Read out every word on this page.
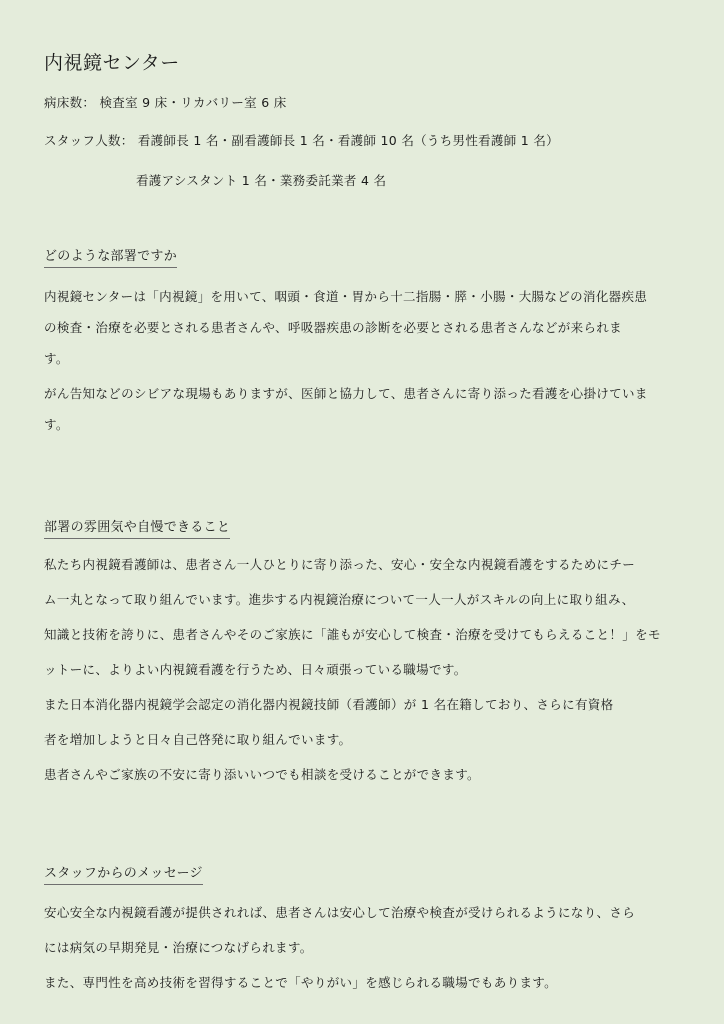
内視鏡センター
病床数： 検査室 9 床・リカバリー室 6 床
スタッフ人数： 看護師長 1 名・副看護師長 1 名・看護師 10 名（うち男性看護師 1 名）
看護アシスタント 1 名・業務委託業者 4 名
どのような部署ですか
内視鏡センターは「内視鏡」を用いて、咽頭・食道・胃から十二指腸・膵・小腸・大腸などの消化器疾患
の検査・治療を必要とされる患者さんや、呼吸器疾患の診断を必要とされる患者さんなどが来られま
す。
がん告知などのシビアな現場もありますが、医師と協力して、患者さんに寄り添った看護を心掛けていま
す。
部署の雰囲気や自慢できること
私たち内視鏡看護師は、患者さん一人ひとりに寄り添った、安心・安全な内視鏡看護をするためにチー
ム一丸となって取り組んでいます。進歩する内視鏡治療について一人一人がスキルの向上に取り組み、
知識と技術を誇りに、患者さんやそのご家族に「誰もが安心して検査・治療を受けてもらえること！」をモ
ットーに、よりよい内視鏡看護を行うため、日々頑張っている職場です。
また日本消化器内視鏡学会認定の消化器内視鏡技師（看護師）が 1 名在籍しており、さらに有資格
者を増加しようと日々自己啓発に取り組んでいます。
患者さんやご家族の不安に寄り添いいつでも相談を受けることができます。
スタッフからのメッセージ
安心安全な内視鏡看護が提供されれば、患者さんは安心して治療や検査が受けられるようになり、さら
には病気の早期発見・治療につなげられます。
また、専門性を高め技術を習得することで「やりがい」を感じられる職場でもあります。
